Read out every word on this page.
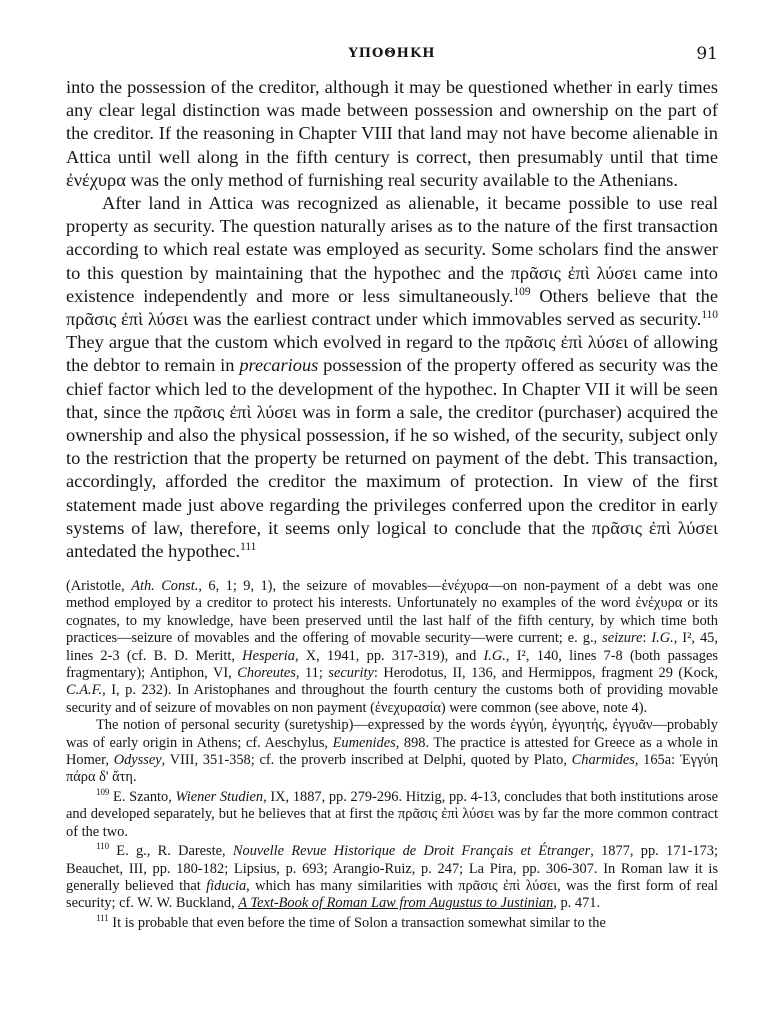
ΥΠΟΘΗΚΗ	91

into the possession of the creditor, although it may be questioned whether in early times any clear legal distinction was made between possession and ownership on the part of the creditor. If the reasoning in Chapter VIII that land may not have become alienable in Attica until well along in the fifth century is correct, then presumably until that time ἐνέχυρα was the only method of furnishing real security available to the Athenians.

After land in Attica was recognized as alienable, it became possible to use real property as security. The question naturally arises as to the nature of the first transaction according to which real estate was employed as security. Some scholars find the answer to this question by maintaining that the hypothec and the πρᾶσις ἐπὶ λύσει came into existence independently and more or less simultaneously.$^{109}$ Others believe that the πρᾶσις ἐπὶ λύσει was the earliest contract under which immovables served as security.$^{110}$ They argue that the custom which evolved in regard to the πρᾶσις ἐπὶ λύσει of allowing the debtor to remain in precarious possession of the property offered as security was the chief factor which led to the development of the hypothec. In Chapter VII it will be seen that, since the πρᾶσις ἐπὶ λύσει was in form a sale, the creditor (purchaser) acquired the ownership and also the physical possession, if he so wished, of the security, subject only to the restriction that the property be returned on payment of the debt. This transaction, accordingly, afforded the creditor the maximum of protection. In view of the first statement made just above regarding the privileges conferred upon the creditor in early systems of law, therefore, it seems only logical to conclude that the πρᾶσις ἐπὶ λύσει antedated the hypothec.$^{111}$

(Aristotle, Ath. Const., 6, 1; 9, 1), the seizure of movables—ἐνέχυρα—on non-payment of a debt was one method employed by a creditor to protect his interests. Unfortunately no examples of the word ἐνέχυρα or its cognates, to my knowledge, have been preserved until the last half of the fifth century, by which time both practices—seizure of movables and the offering of movable security—were current; e. g., seizure: I.G., I², 45, lines 2-3 (cf. B. D. Meritt, Hesperia, X, 1941, pp. 317-319), and I.G., I², 140, lines 7-8 (both passages fragmentary); Antiphon, VI, Choreutes, 11; security: Herodotus, II, 136, and Hermippos, fragment 29 (Kock, C.A.F., I, p. 232). In Aristophanes and throughout the fourth century the customs both of providing movable security and of seizure of movables on non payment (ἐνεχυρασία) were common (see above, note 4).

The notion of personal security (suretyship)—expressed by the words ἐγγύη, ἐγγυητής, ἐγγυᾶν—probably was of early origin in Athens; cf. Aeschylus, Eumenides, 898. The practice is attested for Greece as a whole in Homer, Odyssey, VIII, 351-358; cf. the proverb inscribed at Delphi, quoted by Plato, Charmides, 165a: Ἐγγύη πάρα δ' ἄτη.

$^{109}$ E. Szanto, Wiener Studien, IX, 1887, pp. 279-296. Hitzig, pp. 4-13, concludes that both institutions arose and developed separately, but he believes that at first the πρᾶσις ἐπὶ λύσει was by far the more common contract of the two.

$^{110}$ E. g., R. Dareste, Nouvelle Revue Historique de Droit Français et Étranger, 1877, pp. 171-173; Beauchet, III, pp. 180-182; Lipsius, p. 693; Arangio-Ruiz, p. 247; La Pira, pp. 306-307. In Roman law it is generally believed that fiducia, which has many similarities with πρᾶσις ἐπὶ λύσει, was the first form of real security; cf. W. W. Buckland, A Text-Book of Roman Law from Augustus to Justinian, p. 471.

$^{111}$ It is probable that even before the time of Solon a transaction somewhat similar to the
